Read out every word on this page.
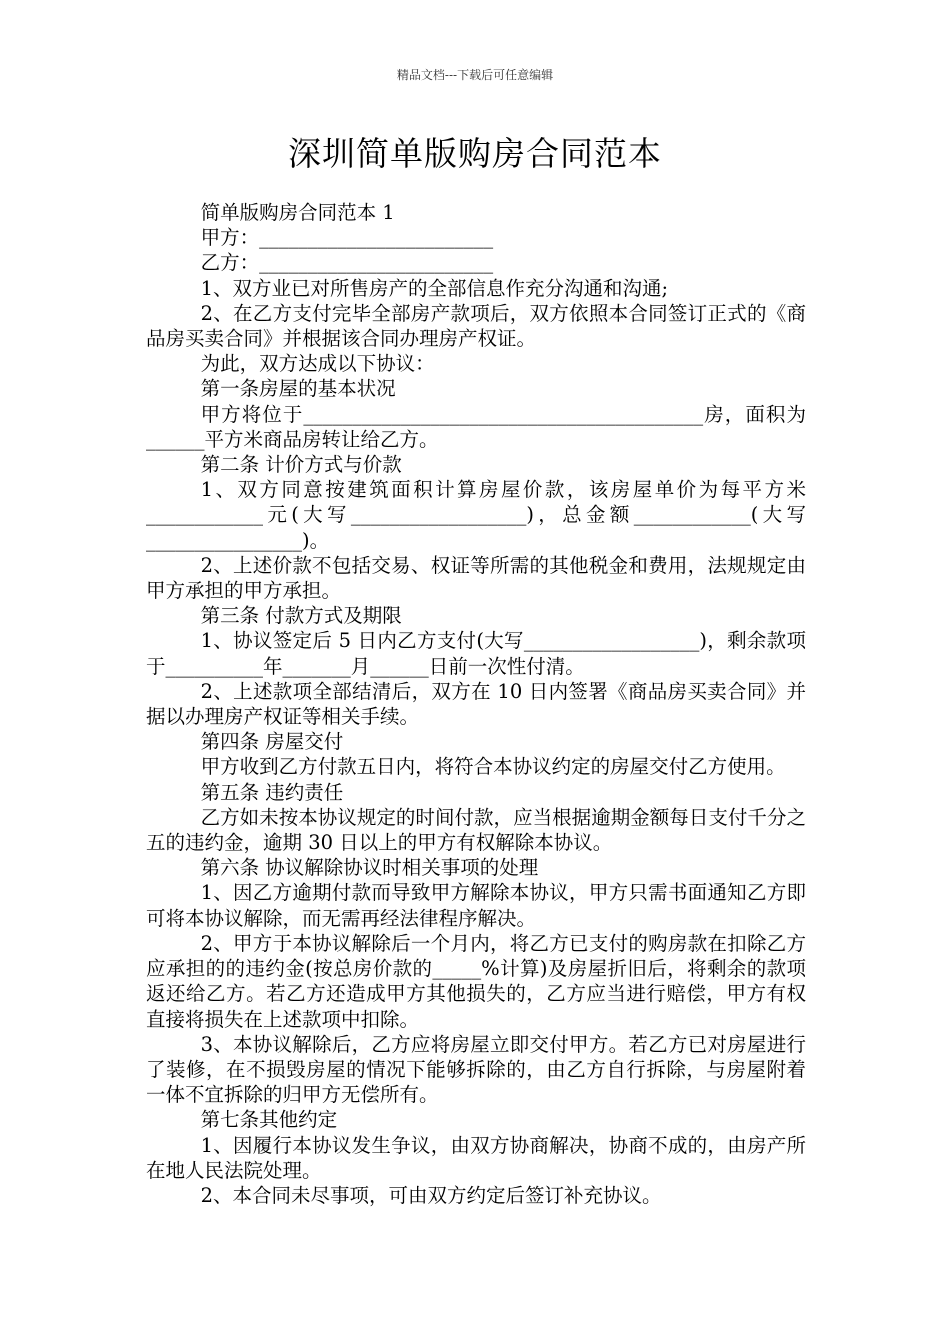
精品文档---下载后可任意编辑
深圳简单版购房合同范本

简单版购房合同范本 1

甲方：________________________

乙方：________________________

1、双方业已对所售房产的全部信息作充分沟通和沟通;

2、在乙方支付完毕全部房产款项后，双方依照本合同签订正式的《商品房买卖合同》并根据该合同办理房产权证。

为此，双方达成以下协议：

第一条房屋的基本状况

甲方将位于_________________________________________房，面积为______平方米商品房转让给乙方。

第二条 计价方式与价款

1、双方同意按建筑面积计算房屋价款，该房屋单价为每平方米____________元(大写__________________)，总金额____________(大写________________)。

2、上述价款不包括交易、权证等所需的其他税金和费用，法规规定由甲方承担的甲方承担。

第三条 付款方式及期限

1、协议签定后 5 日内乙方支付(大写__________________)，剩余款项于__________年_______月______日前一次性付清。

2、上述款项全部结清后，双方在 10 日内签署《商品房买卖合同》并据以办理房产权证等相关手续。

第四条 房屋交付

甲方收到乙方付款五日内，将符合本协议约定的房屋交付乙方使用。

第五条 违约责任

乙方如未按本协议规定的时间付款，应当根据逾期金额每日支付千分之五的违约金，逾期 30 日以上的甲方有权解除本协议。

第六条 协议解除协议时相关事项的处理

1、因乙方逾期付款而导致甲方解除本协议，甲方只需书面通知乙方即可将本协议解除，而无需再经法律程序解决。

2、甲方于本协议解除后一个月内，将乙方已支付的购房款在扣除乙方应承担的的违约金(按总房价款的_____%计算)及房屋折旧后，将剩余的款项返还给乙方。若乙方还造成甲方其他损失的，乙方应当进行赔偿，甲方有权直接将损失在上述款项中扣除。

3、本协议解除后，乙方应将房屋立即交付甲方。若乙方已对房屋进行了装修，在不损毁房屋的情况下能够拆除的，由乙方自行拆除，与房屋附着一体不宜拆除的归甲方无偿所有。

第七条其他约定

1、因履行本协议发生争议，由双方协商解决，协商不成的，由房产所在地人民法院处理。

2、本合同未尽事项，可由双方约定后签订补充协议。
